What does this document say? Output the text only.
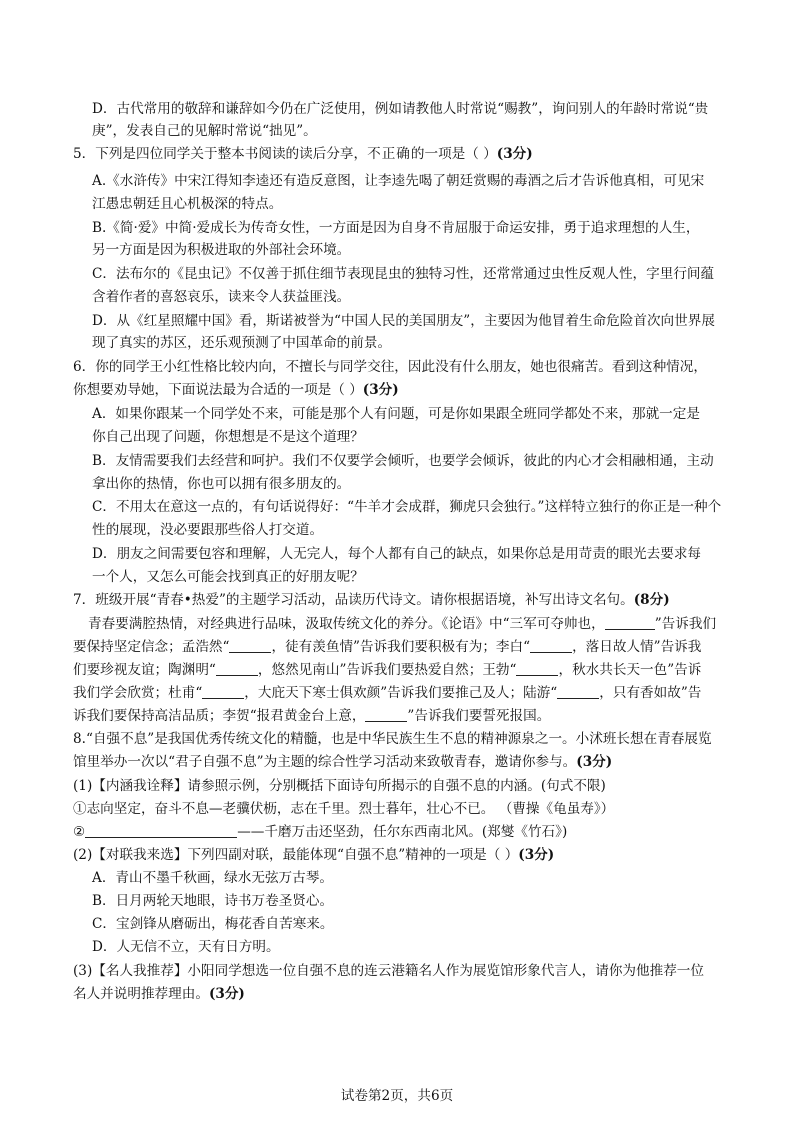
D．古代常用的敬辞和谦辞如今仍在广泛使用，例如请教他人时常说“赐教”，询问别人的年龄时常说“贵
庚”，发表自己的见解时常说“拙见”。
5．下列是四位同学关于整本书阅读的读后分享，不正确的一项是（ ）(3分)
A.《水浒传》中宋江得知李逵还有造反意图，让李逵先喝了朝廷赏赐的毒酒之后才告诉他真相，可见宋
江愚忠朝廷且心机极深的特点。
B.《简·爱》中简·爱成长为传奇女性，一方面是因为自身不肯屈服于命运安排，勇于追求理想的人生，
另一方面是因为积极进取的外部社会环境。
C．法布尔的《昆虫记》不仅善于抓住细节表现昆虫的独特习性，还常常通过虫性反观人性，字里行间蕴
含着作者的喜怒哀乐，读来令人获益匪浅。
D．从《红星照耀中国》看，斯诺被誉为“中国人民的美国朋友”，主要因为他冒着生命危险首次向世界展
现了真实的苏区，还乐观预测了中国革命的前景。
6．你的同学王小红性格比较内向，不擅长与同学交往，因此没有什么朋友，她也很痛苦。看到这种情况，
你想要劝导她，下面说法最为合适的一项是（ ）(3分)
A．如果你跟某一个同学处不来，可能是那个人有问题，可是你如果跟全班同学都处不来，那就一定是
你自己出现了问题，你想想是不是这个道理？
B．友情需要我们去经营和呵护。我们不仅要学会倾听，也要学会倾诉，彼此的内心才会相融相通，主动
拿出你的热情，你也可以拥有很多朋友的。
C．不用太在意这一点的，有句话说得好：“牛羊才会成群，狮虎只会独行。”这样特立独行的你正是一种个
性的展现，没必要跟那些俗人打交道。
D．朋友之间需要包容和理解，人无完人，每个人都有自己的缺点，如果你总是用苛责的眼光去要求每
一个人，又怎么可能会找到真正的好朋友呢？
7．班级开展“青春•热爱”的主题学习活动，品读历代诗文。请你根据语境，补写出诗文名句。(8分)
青春要满腔热情，对经典进行品味，汲取传统文化的养分。《论语》中“三军可夺帅也，	”告诉我们
要保持坚定信念；孟浩然“	，徒有羡鱼情”告诉我们要积极有为；李白“	，落日故人情”告诉我
们要珍视友谊；陶渊明“	，悠然见南山”告诉我们要热爱自然；王勃“	，秋水共长天一色”告诉
我们学会欣赏；杜甫“	，大庇天下寒士俱欢颜”告诉我们要推己及人；陆游“	，只有香如故”告
诉我们要保持高洁品质；李贺“报君黄金台上意，	”告诉我们要誓死报国。
8.“自强不息”是我国优秀传统文化的精髓，也是中华民族生生不息的精神源泉之一。小沭班长想在青春展览
馆里举办一次以“君子自强不息”为主题的综合性学习活动来致敬青春，邀请你参与。(3分)
(1)【内涵我诠释】请参照示例，分别概括下面诗句所揭示的自强不息的内涵。(句式不限)
①志向坚定，奋斗不息—老骥伏枥，志在千里。烈士暮年，壮心不已。 （曹操《龟虽寿》）
②	——千磨万击还坚劲，任尔东西南北风。(郑燮《竹石》)
(2)【对联我来选】下列四副对联，最能体现“自强不息”精神的一项是（ ）(3分)
A．青山不墨千秋画，绿水无弦万古琴。
B．日月两轮天地眼，诗书万卷圣贤心。
C．宝剑锋从磨砺出，梅花香自苦寒来。
D．人无信不立，天有日方明。
(3)【名人我推荐】小阳同学想选一位自强不息的连云港籍名人作为展览馆形象代言人，请你为他推荐一位
名人并说明推荐理由。(3分)
试卷第2页，共6页
